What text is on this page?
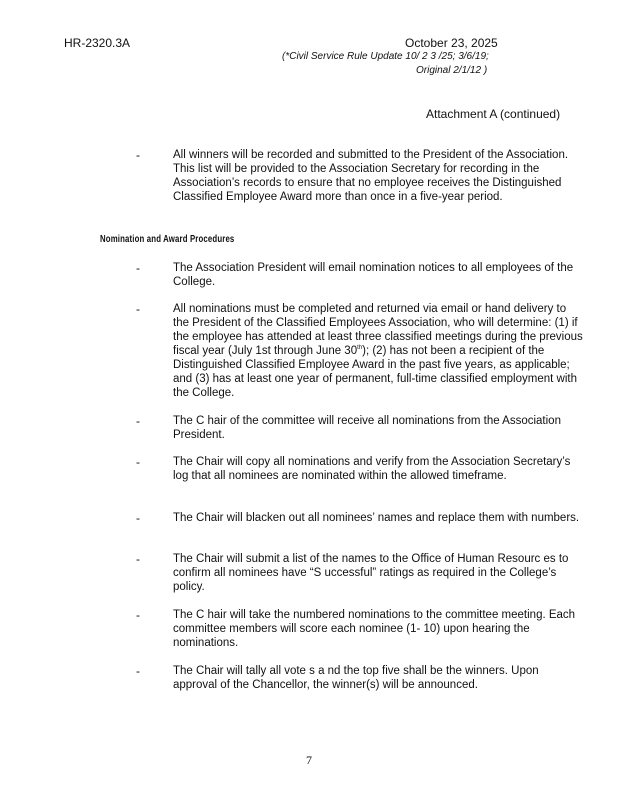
HR-2320.3A	October 23, 2025
(*Civil Service Rule Update 10/ 2 3 /25; 3/6/19;
Original 2/1/12 )
Attachment A (continued)
-	All winners will be recorded and submitted to the President of the Association. This list will be provided to the Association Secretary for recording in the Association’s records to ensure that no employee receives the Distinguished Classified Employee Award more than once in a five-year period.

Nomination and Award Procedures
-	The Association President will email nomination notices to all employees of the College.

-	All nominations must be completed and returned via email or hand delivery to the President of the Classified Employees Association, who will determine: (1) if the employee has attended at least three classified meetings during the previous fiscal year (July 1st through June 30th); (2) has not been a recipient of the Distinguished Classified Employee Award in the past five years, as applicable; and (3) has at least one year of permanent, full-time classified employment with the College.

-	The C hair of the committee will receive all nominations from the Association President.

-	The Chair will copy all nominations and verify from the Association Secretary’s log that all nominees are nominated within the allowed timeframe.

-	The Chair will blacken out all nominees’ names and replace them with numbers.

-	The Chair will submit a list of the names to the Office of Human Resourc es to confirm all nominees have “S uccessful” ratings as required in the College’s policy.

-	The C hair will take the numbered nominations to the committee meeting. Each committee members will score each nominee (1- 10) upon hearing the nominations.

-	The Chair will tally all vote s a nd the top five shall be the winners. Upon approval of the Chancellor, the winner(s) will be announced.

7
